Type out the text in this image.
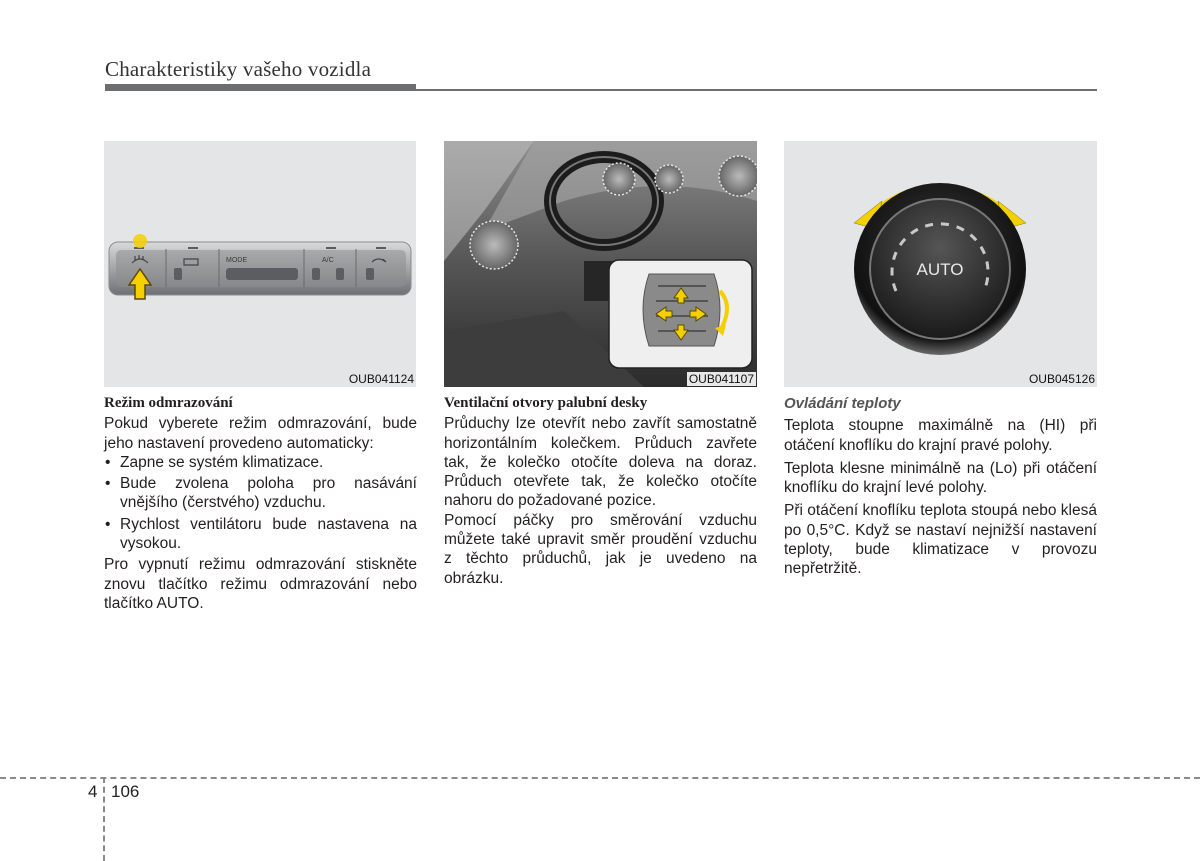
Charakteristiky vašeho vozidla
MODE	A/C
OUB041124	OUB041107
AUTO
OUB045126
Režim odmrazování

Pokud vyberete režim odmrazování, bude jeho nastavení provedeno automaticky:

• Zapne se systém klimatizace.
• Bude zvolena poloha pro nasávání vnějšího (čerstvého) vzduchu.
• Rychlost ventilátoru bude nastavena na vysokou.

Pro vypnutí režimu odmrazování stiskněte znovu tlačítko režimu odmrazování nebo tlačítko AUTO.

Ventilační otvory palubní desky

Průduchy lze otevřít nebo zavřít samostatně horizontálním kolečkem. Průduch zavřete tak, že kolečko otočíte doleva na doraz. Průduch otevřete tak, že kolečko otočíte nahoru do požadované pozice.

Pomocí páčky pro směrování vzduchu můžete také upravit směr proudění vzduchu z těchto průduchů, jak je uvedeno na obrázku.

Ovládání teploty

Teplota stoupne maximálně na (HI) při otáčení knoflíku do krajní pravé polohy.

Teplota klesne minimálně na (Lo) při otáčení knoflíku do krajní levé polohy.

Při otáčení knoflíku teplota stoupá nebo klesá po 0,5°C. Když se nastaví nejnižší nastavení teploty, bude klimatizace v provozu nepřetržitě.

4 106
